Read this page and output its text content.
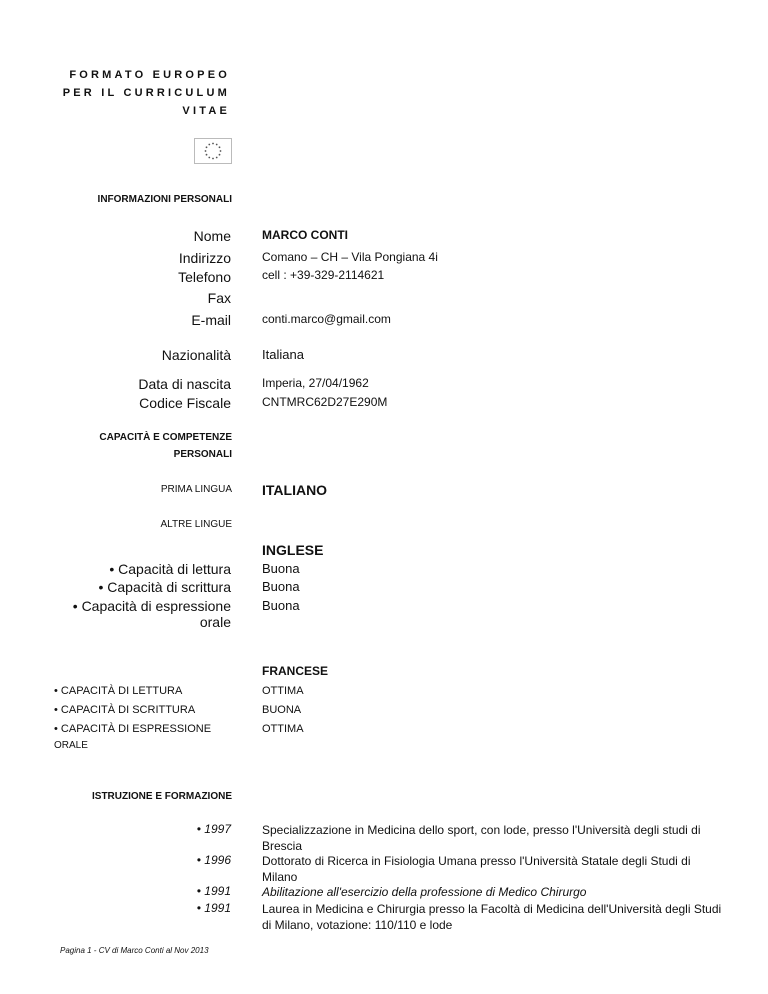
FORMATO EUROPEO
PER IL CURRICULUM
VITAE
INFORMAZIONI PERSONALI
Nome	MARCO CONTI
Indirizzo	Comano – CH – Vila Pongiana 4i
Telefono	cell : +39-329-2114621
Fax
E-mail	conti.marco@gmail.com
Nazionalità Italiana
Data di nascita	Imperia, 27/04/1962
Codice Fiscale	CNTMRC62D27E290M
CAPACITÀ E COMPETENZE
PERSONALI
PRIMA LINGUA ITALIANO
ALTRE LINGUE
INGLESE
• Capacità di lettura Buona
• Capacità di scrittura Buona
• Capacità di espressione Buona
orale
FRANCESE
• CAPACITÀ DI LETTURA	OTTIMA
• CAPACITÀ DI SCRITTURA	BUONA
• CAPACITÀ DI ESPRESSIONE	OTTIMA
ORALE
ISTRUZIONE E FORMAZIONE
• 1997	Specializzazione in Medicina dello sport, con lode, presso l'Università degli studi di Brescia
• 1996	Dottorato di Ricerca in Fisiologia Umana presso l'Università Statale degli Studi di Milano
• 1991	Abilitazione all'esercizio della professione di Medico Chirurgo
• 1991	Laurea in Medicina e Chirurgia presso la Facoltà di Medicina dell'Università degli Studi di Milano, votazione: 110/110 e lode
Pagina 1 - CV di Marco Conti al Nov 2013
